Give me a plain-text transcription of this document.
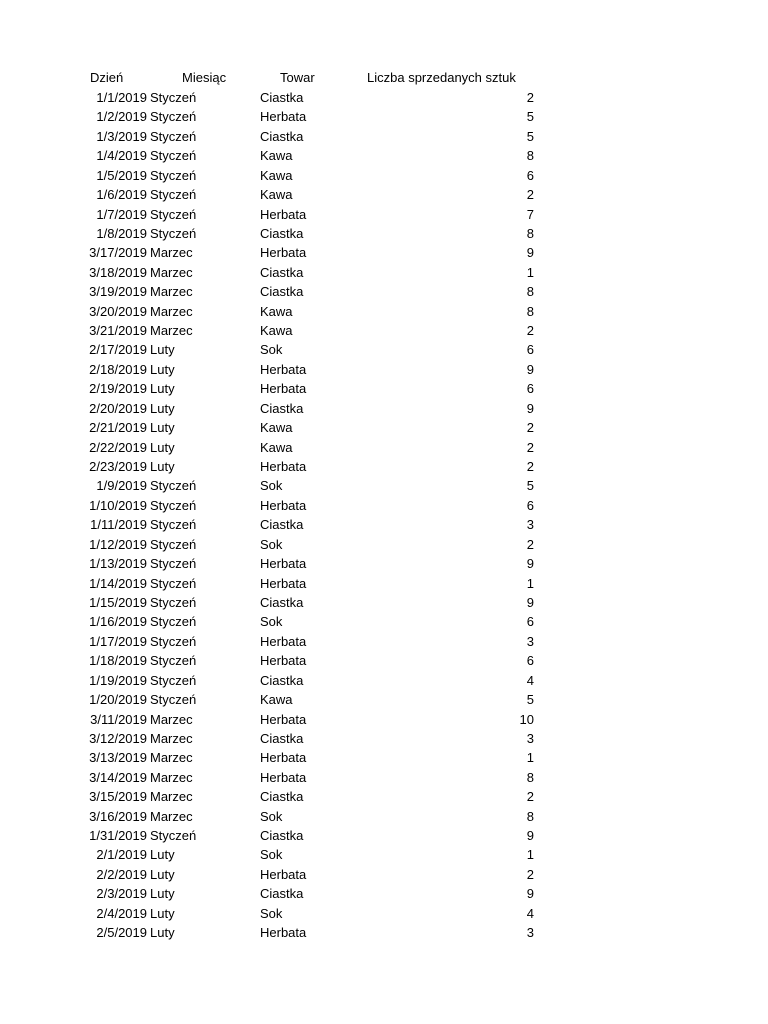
Dzień	Miesiąc	Towar	Liczba sprzedanych sztuk
1/1/2019 Styczeń	Ciastka	2
1/2/2019 Styczeń	Herbata	5
1/3/2019 Styczeń	Ciastka	5
1/4/2019 Styczeń	Kawa	8
1/5/2019 Styczeń	Kawa	6
1/6/2019 Styczeń	Kawa	2
1/7/2019 Styczeń	Herbata	7
1/8/2019 Styczeń	Ciastka	8
3/17/2019 Marzec	Herbata	9
3/18/2019 Marzec	Ciastka	1
3/19/2019 Marzec	Ciastka	8
3/20/2019 Marzec	Kawa	8
3/21/2019 Marzec	Kawa	2
2/17/2019 Luty	Sok	6
2/18/2019 Luty	Herbata	9
2/19/2019 Luty	Herbata	6
2/20/2019 Luty	Ciastka	9
2/21/2019 Luty	Kawa	2
2/22/2019 Luty	Kawa	2
2/23/2019 Luty	Herbata	2
1/9/2019 Styczeń	Sok	5
1/10/2019 Styczeń	Herbata	6
1/11/2019 Styczeń	Ciastka	3
1/12/2019 Styczeń	Sok	2
1/13/2019 Styczeń	Herbata	9
1/14/2019 Styczeń	Herbata	1
1/15/2019 Styczeń	Ciastka	9
1/16/2019 Styczeń	Sok	6
1/17/2019 Styczeń	Herbata	3
1/18/2019 Styczeń	Herbata	6
1/19/2019 Styczeń	Ciastka	4
1/20/2019 Styczeń	Kawa	5
3/11/2019 Marzec	Herbata	10
3/12/2019 Marzec	Ciastka	3
3/13/2019 Marzec	Herbata	1
3/14/2019 Marzec	Herbata	8
3/15/2019 Marzec	Ciastka	2
3/16/2019 Marzec	Sok	8
1/31/2019 Styczeń	Ciastka	9
2/1/2019 Luty	Sok	1
2/2/2019 Luty	Herbata	2
2/3/2019 Luty	Ciastka	9
2/4/2019 Luty	Sok	4
2/5/2019 Luty	Herbata	3
